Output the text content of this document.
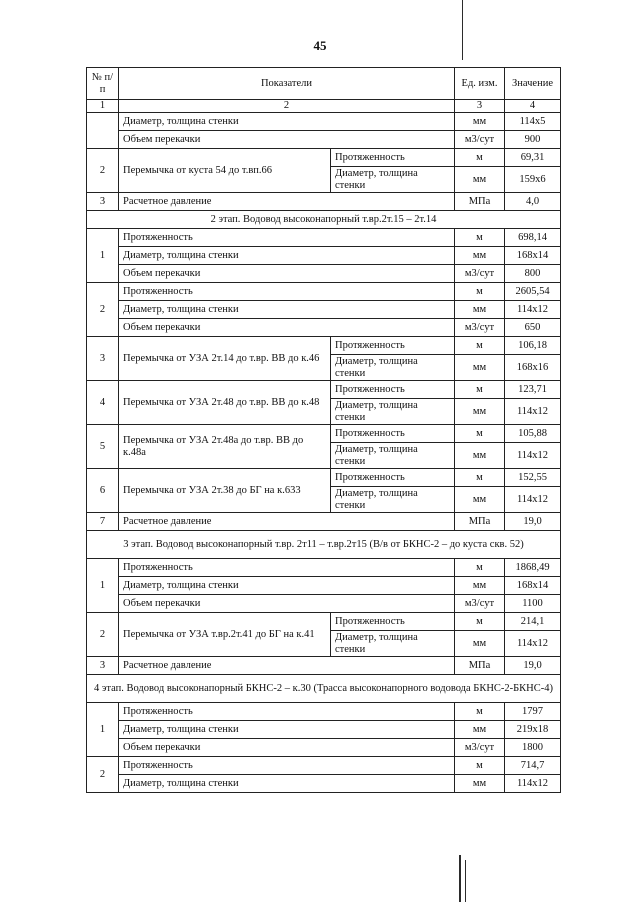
45
№ п/п	Показатели		Ед. изм.	Значение
1	2		3	4
	Диаметр, толщина стенки		мм	114x5
	Объем перекачки		м3/сут	900
2	Перемычка от куста 54 до т.вп.66	Протяженность	м	69,31
		Диаметр, толщина стенки	мм	159x6
3	Расчетное давление		МПа	4,0
2 этап. Водовод высоконапорный т.вр.2т.15 – 2т.14				
1	Протяженность		м	698,14
	Диаметр, толщина стенки		мм	168x14
	Объем перекачки		м3/сут	800
2	Протяженность		м	2605,54
	Диаметр, толщина стенки		мм	114x12
	Объем перекачки		м3/сут	650
3	Перемычка от УЗА 2т.14 до т.вр. ВВ до к.46	Протяженность	м	106,18
		Диаметр, толщина стенки	мм	168x16
4	Перемычка от УЗА 2т.48 до т.вр. ВВ до к.48	Протяженность	м	123,71
		Диаметр, толщина стенки	мм	114x12
5	Перемычка от УЗА 2т.48а до т.вр. ВВ до к.48а	Протяженность	м	105,88
		Диаметр, толщина стенки	мм	114x12
6	Перемычка от УЗА 2т.38 до БГ на к.633	Протяженность	м	152,55
		Диаметр, толщина стенки	мм	114x12
7	Расчетное давление		МПа	19,0
3 этап. Водовод высоконапорный т.вр. 2т11 – т.вр.2т15 (В/в от БКНС-2 – до куста скв. 52)				
1	Протяженность		м	1868,49
	Диаметр, толщина стенки		мм	168x14
	Объем перекачки		м3/сут	1100
2	Перемычка от УЗА т.вр.2т.41 до БГ на к.41	Протяженность	м	214,1
		Диаметр, толщина стенки	мм	114x12
3	Расчетное давление		МПа	19,0
4 этап. Водовод высоконапорный БКНС-2 – к.30 (Трасса высоконапорного водовода БКНС-2-БКНС-4)				
1	Протяженность		м	1797
	Диаметр, толщина стенки		мм	219x18
	Объем перекачки		м3/сут	1800
2	Протяженность		м	714,7
	Диаметр, толщина стенки		мм	114x12
